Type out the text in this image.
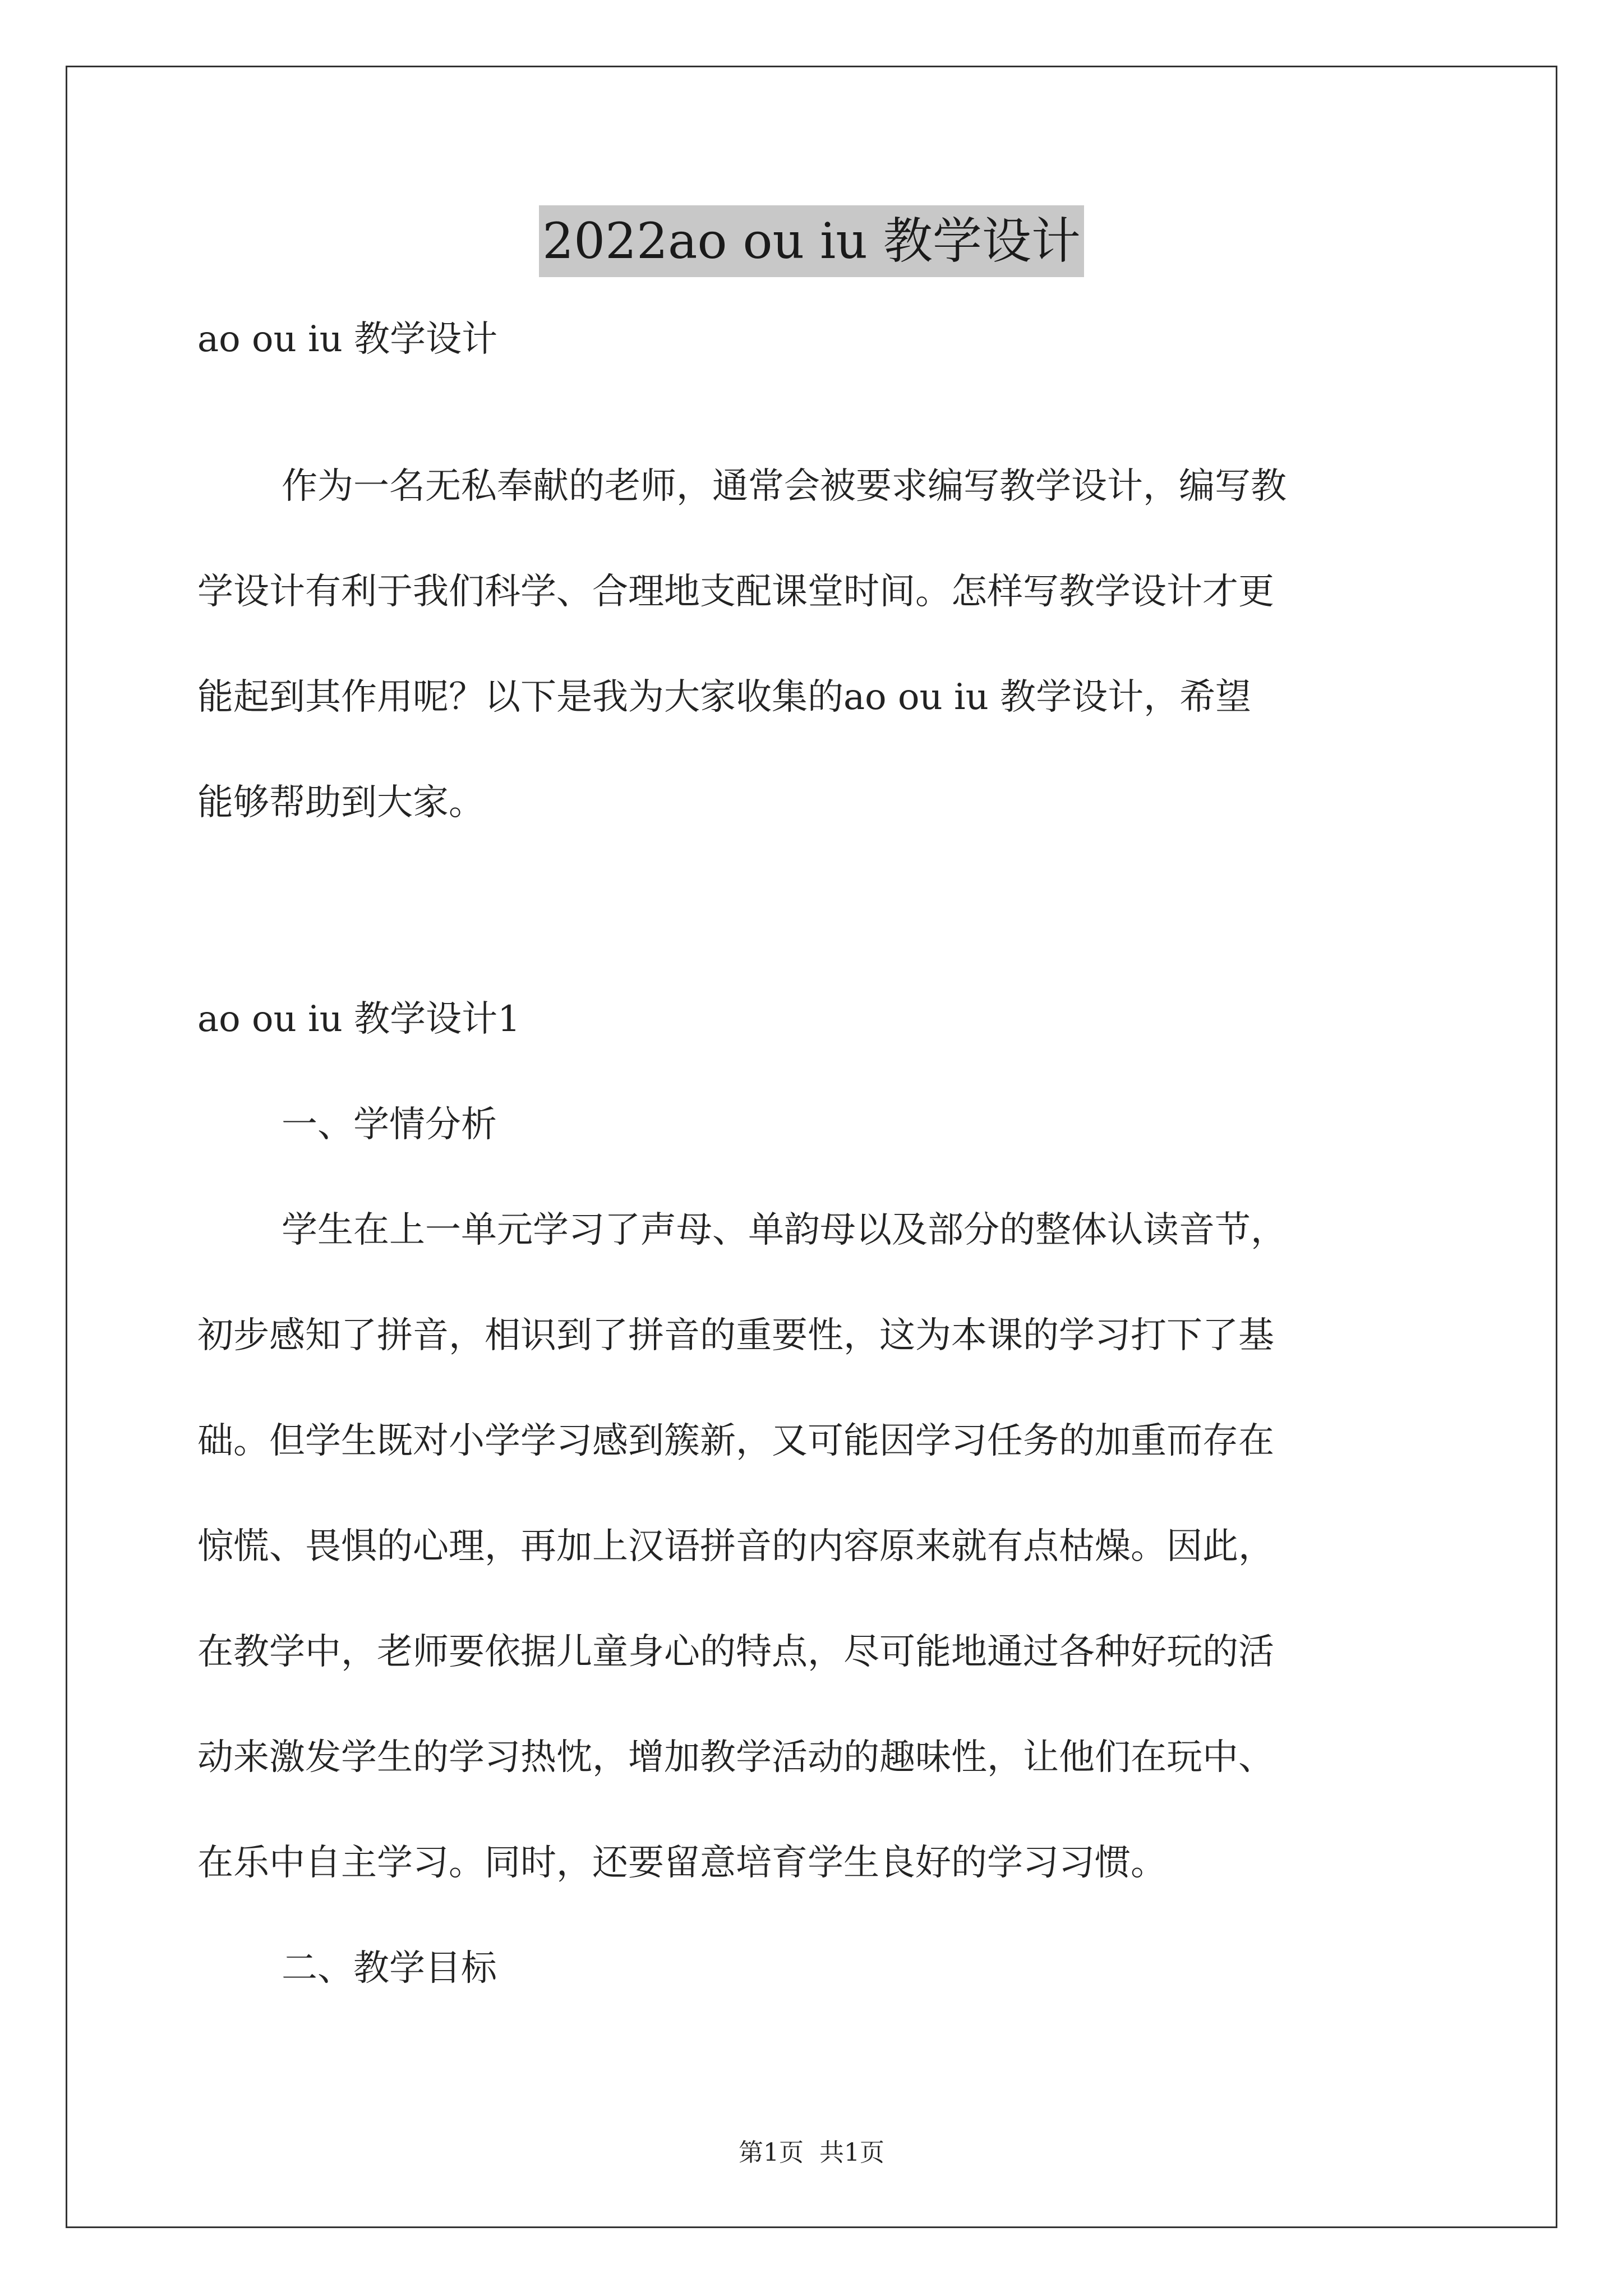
2022ao ou iu 教学设计
ao ou iu 教学设计
作为一名无私奉献的老师，通常会被要求编写教学设计，编写教
学设计有利于我们科学、合理地支配课堂时间。怎样写教学设计才更
能起到其作用呢？以下是我为大家收集的ao ou iu 教学设计，希望
能够帮助到大家。
ao ou iu 教学设计1
一、学情分析
学生在上一单元学习了声母、单韵母以及部分的整体认读音节，
初步感知了拼音，相识到了拼音的重要性，这为本课的学习打下了基
础。但学生既对小学学习感到簇新，又可能因学习任务的加重而存在
惊慌、畏惧的心理，再加上汉语拼音的内容原来就有点枯燥。因此，
在教学中，老师要依据儿童身心的特点，尽可能地通过各种好玩的活
动来激发学生的学习热忱，增加教学活动的趣味性，让他们在玩中、
在乐中自主学习。同时，还要留意培育学生良好的学习习惯。
二、教学目标
第1页 共1页
